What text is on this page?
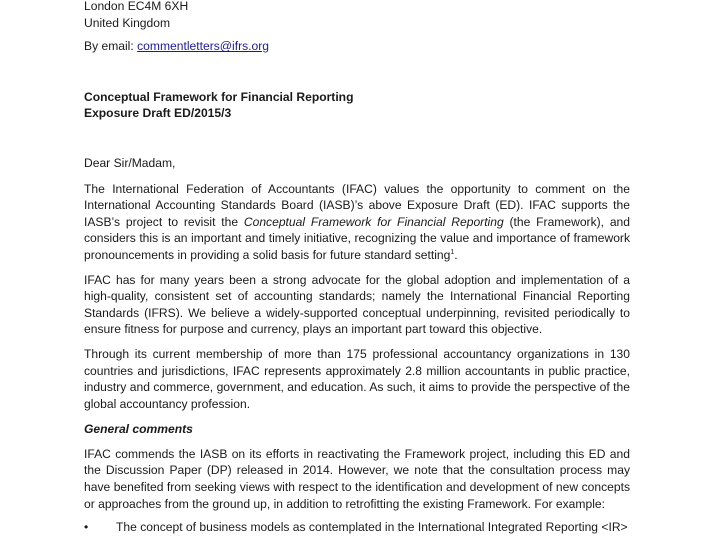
London EC4M 6XH
United Kingdom
By email: commentletters@ifrs.org
Conceptual Framework for Financial Reporting
Exposure Draft ED/2015/3
Dear Sir/Madam,

The International Federation of Accountants (IFAC) values the opportunity to comment on the International Accounting Standards Board (IASB)’s above Exposure Draft (ED). IFAC supports the IASB’s project to revisit the Conceptual Framework for Financial Reporting (the Framework), and considers this is an important and timely initiative, recognizing the value and importance of framework pronouncements in providing a solid basis for future standard setting$^1$.

IFAC has for many years been a strong advocate for the global adoption and implementation of a high-quality, consistent set of accounting standards; namely the International Financial Reporting Standards (IFRS). We believe a widely-supported conceptual underpinning, revisited periodically to ensure fitness for purpose and currency, plays an important part toward this objective.

Through its current membership of more than 175 professional accountancy organizations in 130 countries and jurisdictions, IFAC represents approximately 2.8 million accountants in public practice, industry and commerce, government, and education. As such, it aims to provide the perspective of the global accountancy profession.

General comments

IFAC commends the IASB on its efforts in reactivating the Framework project, including this ED and the Discussion Paper (DP) released in 2014. However, we note that the consultation process may have benefited from seeking views with respect to the identification and development of new concepts or approaches from the ground up, in addition to retrofitting the existing Framework. For example:

• The concept of business models as contemplated in the International Integrated Reporting <IR>
